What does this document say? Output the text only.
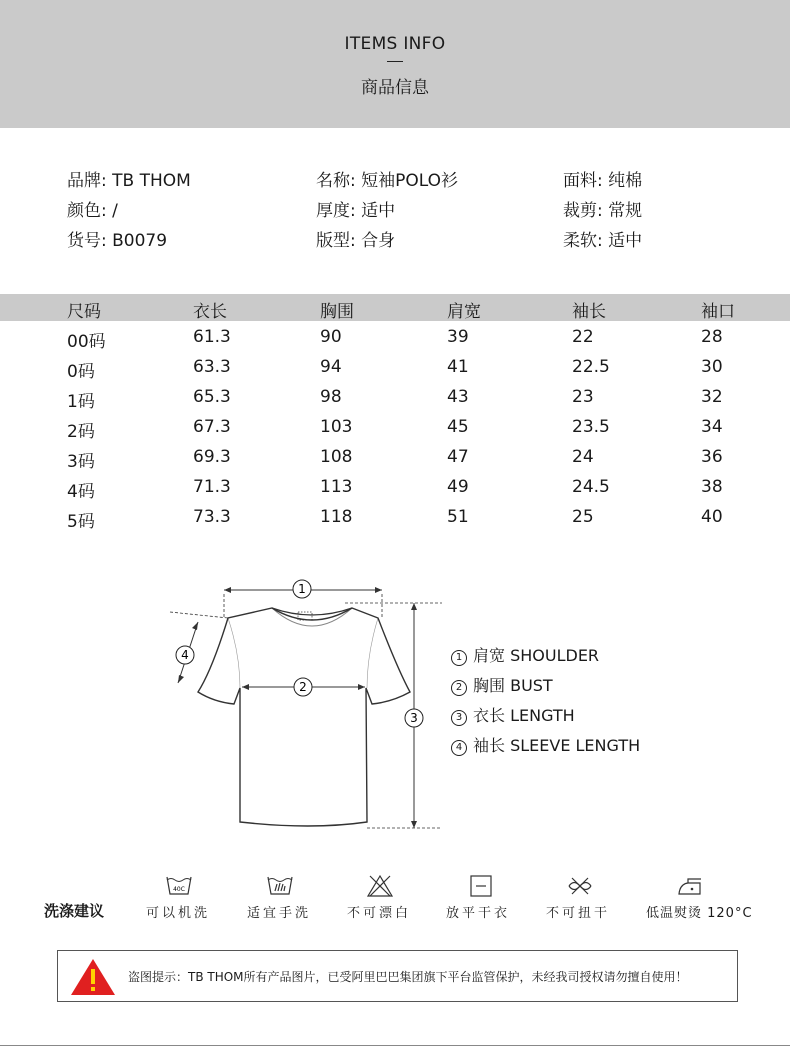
ITEMS INFO
商品信息
品牌: TB THOM	名称: 短袖POLO衫	面料: 纯棉
颜色: /	厚度: 适中	裁剪: 常规
货号: B0079	版型: 合身	柔软: 适中
尺码	衣长	胸围	肩宽	袖长	袖口
00码	61.3	90	39	22	28
0码	63.3	94	41	22.5	30
1码	65.3	98	43	23	32
2码	67.3	103	45	23.5	34
3码	69.3	108	47	24	36
4码	71.3	113	49	24.5	38
5码	73.3	118	51	25	40
1
2
3
4	1 肩宽 SHOULDER
2 胸围 BUST
3 衣长 LENGTH
4 袖长 SLEEVE LENGTH
洗涤建议
40C
可以机洗	适宜手洗	不可漂白	放平干衣	不可扭干	低温熨烫 120°C
盗图提示：TB THOM所有产品图片，已受阿里巴巴集团旗下平台监管保护，未经我司授权请勿擅自使用！
